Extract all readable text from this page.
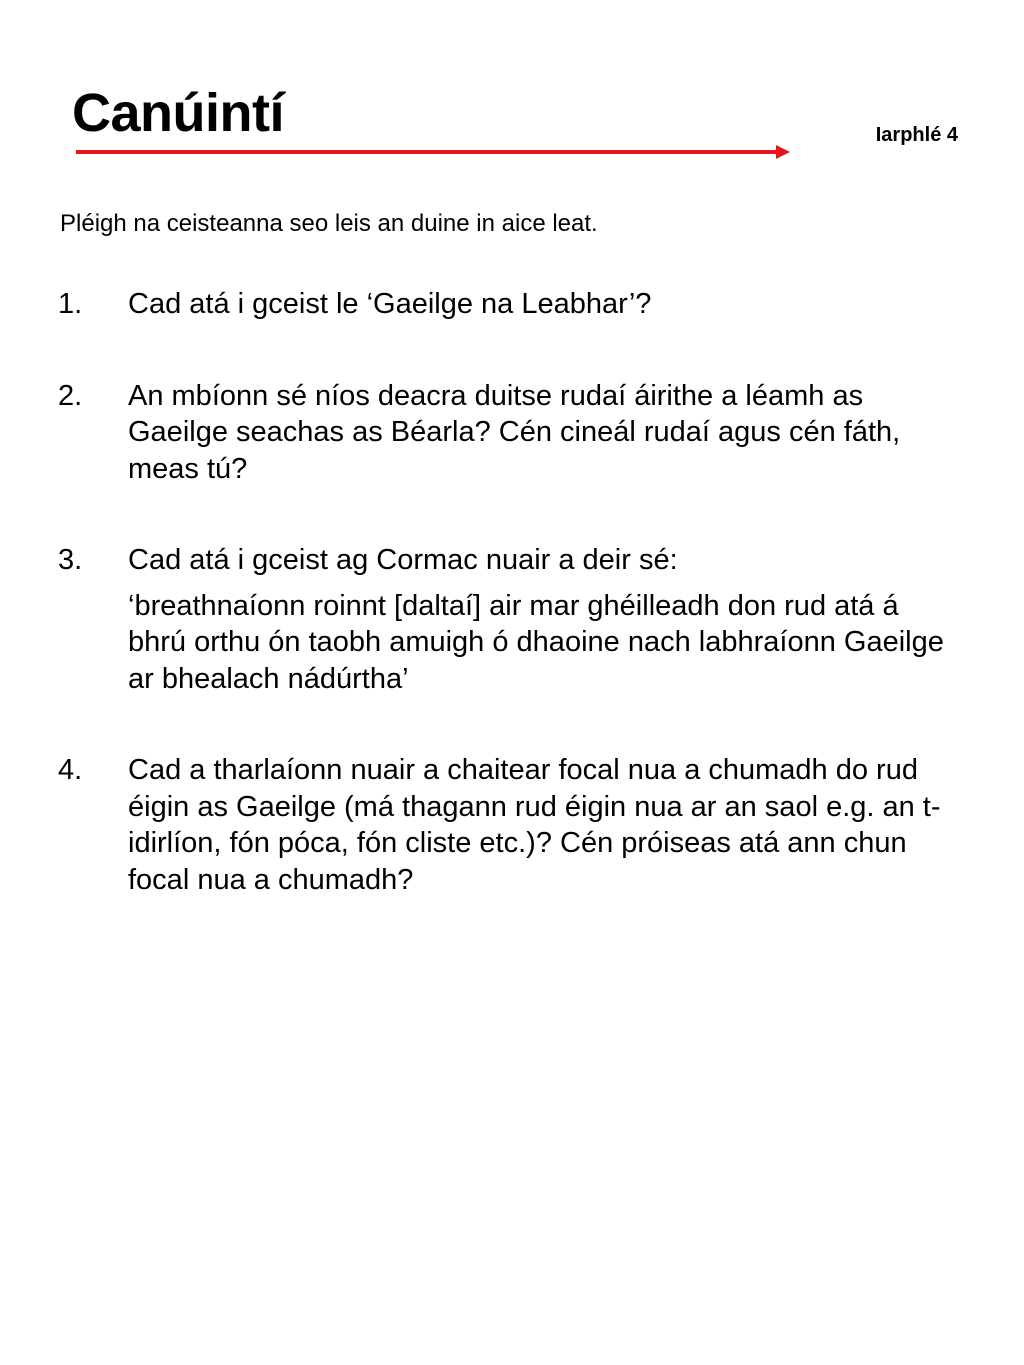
Canúintí	Iarphlé 4

Pléigh na ceisteanna seo leis an duine in aice leat.

1.	Cad atá i gceist le ‘Gaeilge na Leabhar’?
2.	An mbíonn sé níos deacra duitse rudaí áirithe a léamh as Gaeilge seachas as Béarla? Cén cineál rudaí agus cén fáth, meas tú?
3.	Cad atá i gceist ag Cormac nuair a deir sé:
‘breathnaíonn roinnt [daltaí] air mar ghéilleadh don rud atá á bhrú orthu ón taobh amuigh ó dhaoine nach labhraíonn Gaeilge ar bhealach nádúrtha’
4.	Cad a tharlaíonn nuair a chaitear focal nua a chumadh do rud éigin as Gaeilge (má thagann rud éigin nua ar an saol e.g. an t-idirlíon, fón póca, fón cliste etc.)? Cén próiseas atá ann chun focal nua a chumadh?
